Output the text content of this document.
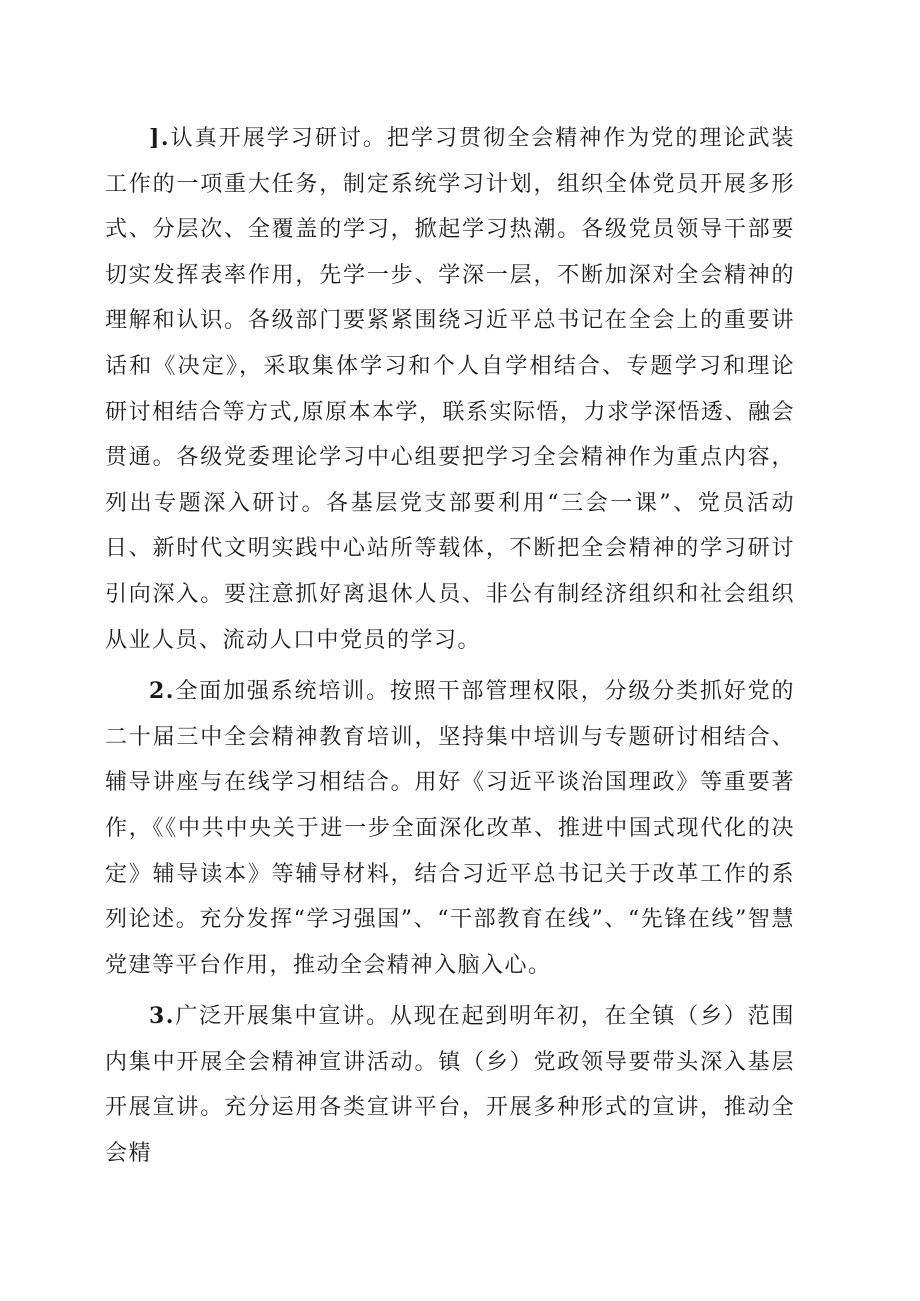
].认真开展学习研讨。把学习贯彻全会精神作为党的理论武装工作的一项重大任务，制定系统学习计划，组织全体党员开展多形式、分层次、全覆盖的学习，掀起学习热潮。各级党员领导干部要切实发挥表率作用，先学一步、学深一层，不断加深对全会精神的理解和认识。各级部门要紧紧围绕习近平总书记在全会上的重要讲话和《决定》，采取集体学习和个人自学相结合、专题学习和理论研讨相结合等方式,原原本本学，联系实际悟，力求学深悟透、融会贯通。各级党委理论学习中心组要把学习全会精神作为重点内容，列出专题深入研讨。各基层党支部要利用“三会一课”、党员活动日、新时代文明实践中心站所等载体，不断把全会精神的学习研讨引向深入。要注意抓好离退休人员、非公有制经济组织和社会组织从业人员、流动人口中党员的学习。

2.全面加强系统培训。按照干部管理权限，分级分类抓好党的二十届三中全会精神教育培训，坚持集中培训与专题研讨相结合、辅导讲座与在线学习相结合。用好《习近平谈治国理政》等重要著作，《《中共中央关于进一步全面深化改革、推进中国式现代化的决定》辅导读本》等辅导材料，结合习近平总书记关于改革工作的系列论述。充分发挥“学习强国”、“干部教育在线”、“先锋在线”智慧党建等平台作用，推动全会精神入脑入心。

3.广泛开展集中宣讲。从现在起到明年初，在全镇（乡）范围内集中开展全会精神宣讲活动。镇（乡）党政领导要带头深入基层开展宣讲。充分运用各类宣讲平台，开展多种形式的宣讲，推动全会精
